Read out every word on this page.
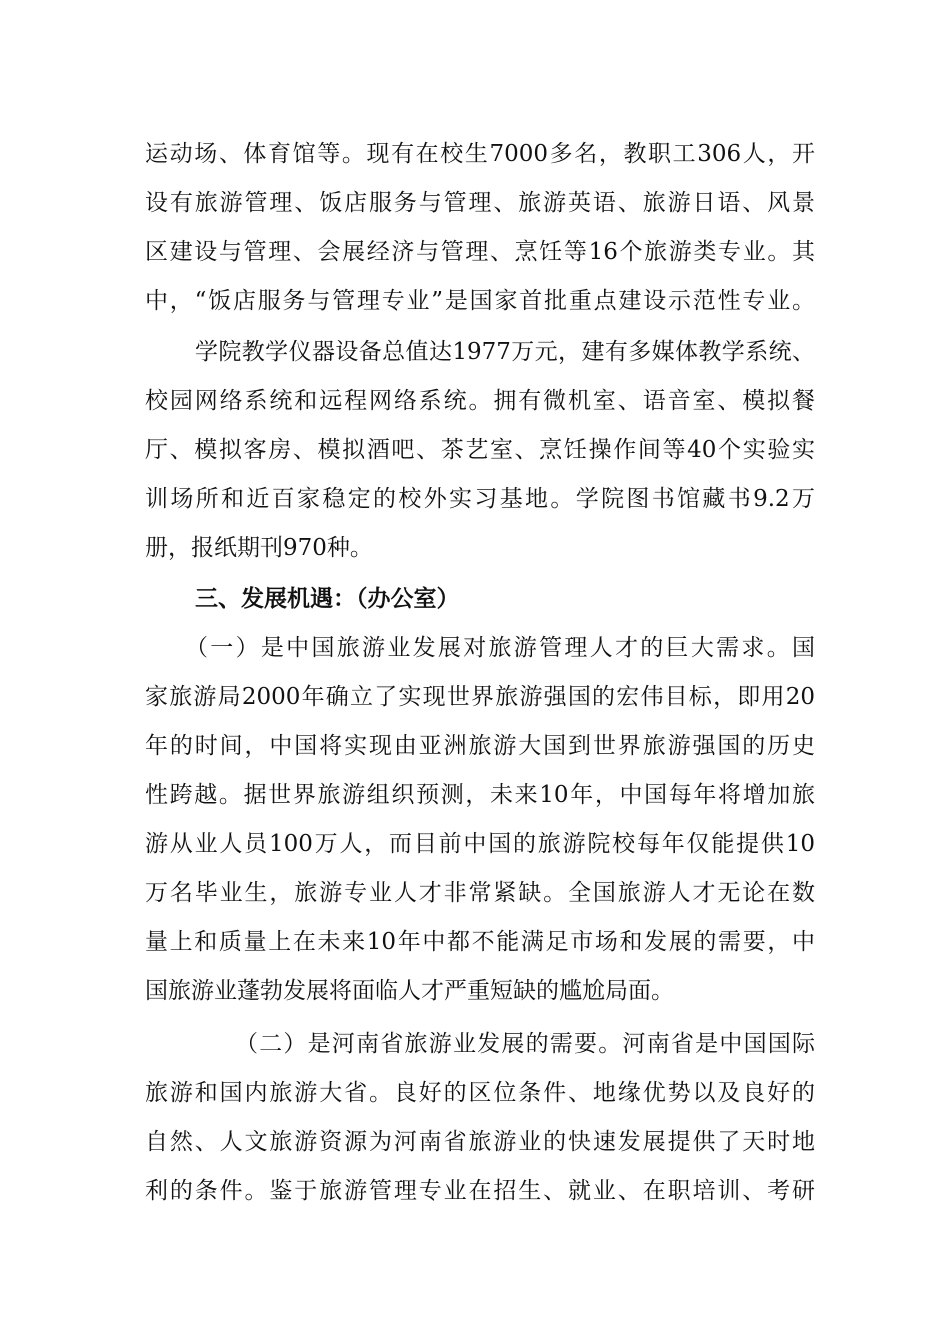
运动场、体育馆等。现有在校生7000多名，教职工306人，开
设有旅游管理、饭店服务与管理、旅游英语、旅游日语、风景
区建设与管理、会展经济与管理、烹饪等16个旅游类专业。其
中，“饭店服务与管理专业”是国家首批重点建设示范性专业。
学院教学仪器设备总值达1977万元，建有多媒体教学系统、
校园网络系统和远程网络系统。拥有微机室、语音室、模拟餐
厅、模拟客房、模拟酒吧、茶艺室、烹饪操作间等40个实验实
训场所和近百家稳定的校外实习基地。学院图书馆藏书9.2万
册，报纸期刊970种。
三、发展机遇：（办公室）
（一）是中国旅游业发展对旅游管理人才的巨大需求。国
家旅游局2000年确立了实现世界旅游强国的宏伟目标，即用20
年的时间，中国将实现由亚洲旅游大国到世界旅游强国的历史
性跨越。据世界旅游组织预测，未来10年，中国每年将增加旅
游从业人员100万人，而目前中国的旅游院校每年仅能提供10
万名毕业生，旅游专业人才非常紧缺。全国旅游人才无论在数
量上和质量上在未来10年中都不能满足市场和发展的需要，中
国旅游业蓬勃发展将面临人才严重短缺的尴尬局面。
（二）是河南省旅游业发展的需要。河南省是中国国际
旅游和国内旅游大省。良好的区位条件、地缘优势以及良好的
自然、人文旅游资源为河南省旅游业的快速发展提供了天时地
利的条件。鉴于旅游管理专业在招生、就业、在职培训、考研
